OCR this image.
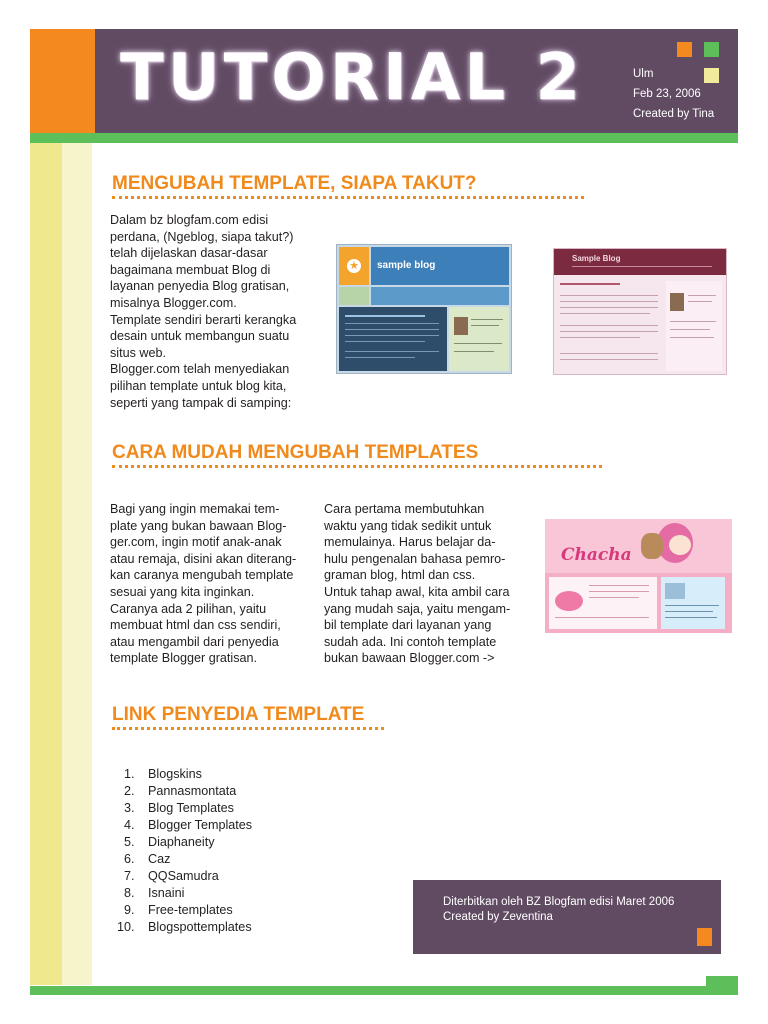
TUTORIAL 2	Ulm
Feb 23, 2006
Created by Tina
MENGUBAH TEMPLATE, SIAPA TAKUT?
Dalam bz blogfam.com edisi
perdana, (Ngeblog, siapa takut?)
telah dijelaskan dasar-dasar
bagaimana membuat Blog di
layanan penyedia Blog gratisan,
misalnya Blogger.com.
Template sendiri berarti kerangka
desain untuk membangun suatu
situs web.
Blogger.com telah menyediakan
pilihan template untuk blog kita,
seperti yang tampak di samping:
★ sample blog
Sample Blog
CARA MUDAH MENGUBAH TEMPLATES
Bagi yang ingin memakai tem-
plate yang bukan bawaan Blog-
ger.com, ingin motif anak-anak
atau remaja, disini akan diterang-
kan caranya mengubah template
sesuai yang kita inginkan.
Caranya ada 2 pilihan, yaitu
membuat html dan css sendiri,
atau mengambil dari penyedia
template Blogger gratisan.
Cara pertama membutuhkan
waktu yang tidak sedikit untuk
memulainya. Harus belajar da-
hulu pengenalan bahasa pemro-
graman blog, html dan css.
Untuk tahap awal, kita ambil cara
yang mudah saja, yaitu mengam-
bil template dari layanan yang
sudah ada. Ini contoh template
bukan bawaan Blogger.com ->
Chacha
LINK PENYEDIA TEMPLATE
1. Blogskins
2. Pannasmontata
3. Blog Templates
4. Blogger Templates
5. Diaphaneity
6. Caz
7. QQSamudra
8. Isnaini
9. Free-templates
10. Blogspottemplates
Diterbitkan oleh BZ Blogfam edisi Maret 2006
Created by Zeventina
